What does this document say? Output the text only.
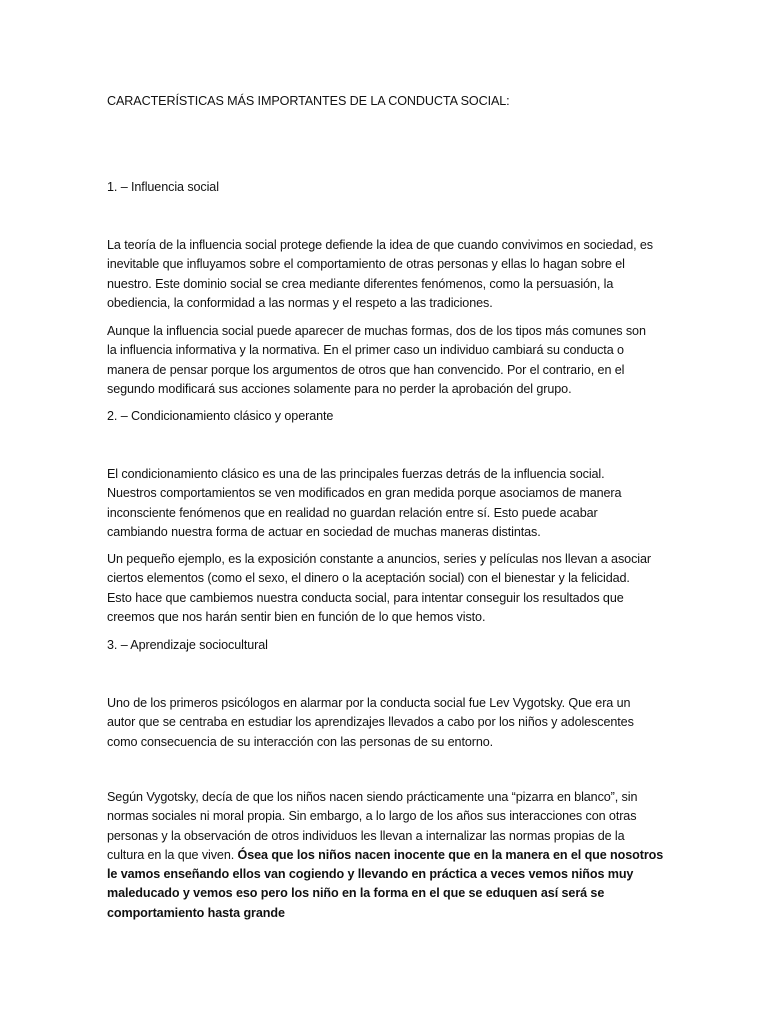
CARACTERÍSTICAS MÁS IMPORTANTES DE LA CONDUCTA SOCIAL:

1. – Influencia social

La teoría de la influencia social protege defiende la idea de que cuando convivimos en sociedad, es
inevitable que influyamos sobre el comportamiento de otras personas y ellas lo hagan sobre el
nuestro. Este dominio social se crea mediante diferentes fenómenos, como la persuasión, la
obediencia, la conformidad a las normas y el respeto a las tradiciones.

Aunque la influencia social puede aparecer de muchas formas, dos de los tipos más comunes son
la influencia informativa y la normativa. En el primer caso un individuo cambiará su conducta o
manera de pensar porque los argumentos de otros que han convencido. Por el contrario, en el
segundo modificará sus acciones solamente para no perder la aprobación del grupo.

2. – Condicionamiento clásico y operante

El condicionamiento clásico es una de las principales fuerzas detrás de la influencia social.
Nuestros comportamientos se ven modificados en gran medida porque asociamos de manera
inconsciente fenómenos que en realidad no guardan relación entre sí. Esto puede acabar
cambiando nuestra forma de actuar en sociedad de muchas maneras distintas.

Un pequeño ejemplo, es la exposición constante a anuncios, series y películas nos llevan a asociar
ciertos elementos (como el sexo, el dinero o la aceptación social) con el bienestar y la felicidad.
Esto hace que cambiemos nuestra conducta social, para intentar conseguir los resultados que
creemos que nos harán sentir bien en función de lo que hemos visto.

3. – Aprendizaje sociocultural

Uno de los primeros psicólogos en alarmar por la conducta social fue Lev Vygotsky. Que era un
autor que se centraba en estudiar los aprendizajes llevados a cabo por los niños y adolescentes
como consecuencia de su interacción con las personas de su entorno.

Según Vygotsky, decía de que los niños nacen siendo prácticamente una “pizarra en blanco”, sin
normas sociales ni moral propia. Sin embargo, a lo largo de los años sus interacciones con otras
personas y la observación de otros individuos les llevan a internalizar las normas propias de la
cultura en la que viven. Ósea que los niños nacen inocente que en la manera en el que nosotros
le vamos enseñando ellos van cogiendo y llevando en práctica a veces vemos niños muy
maleducado y vemos eso pero los niño en la forma en el que se eduquen así será se
comportamiento hasta grande
